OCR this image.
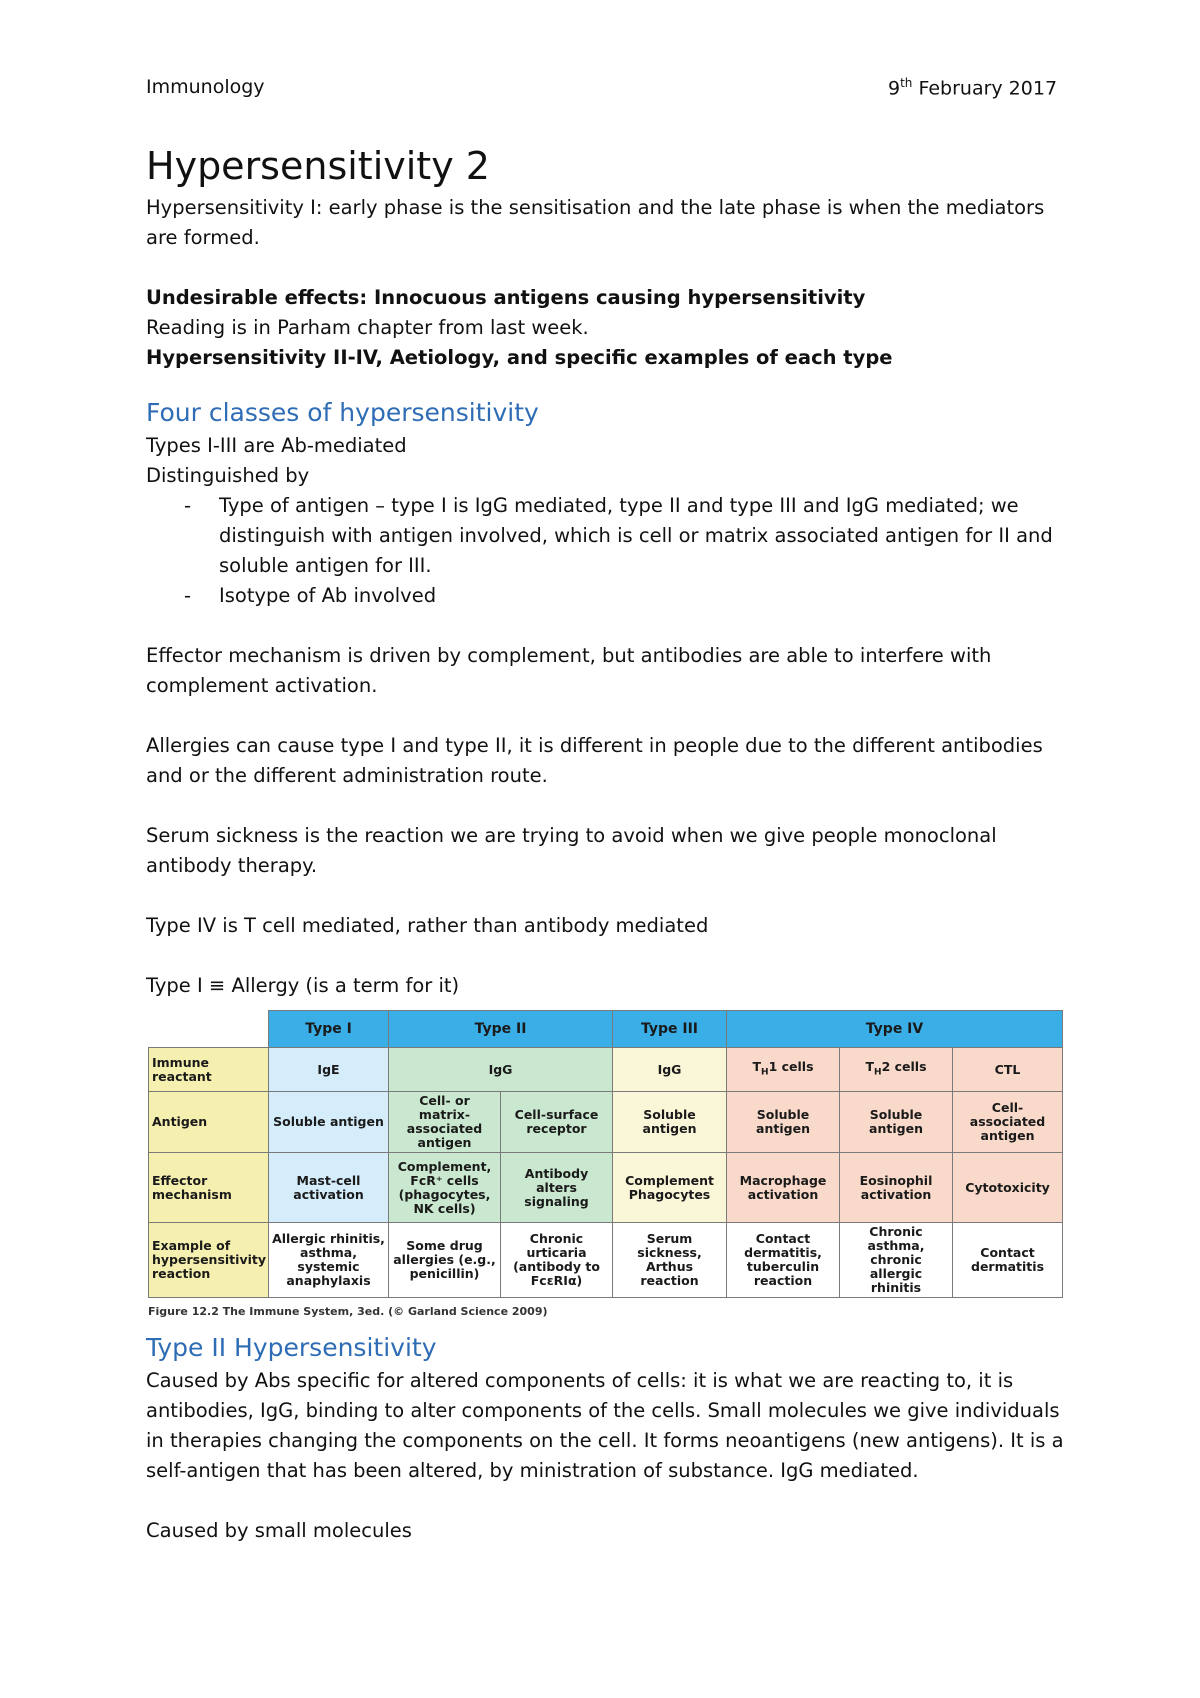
Immunology	9th February 2017
Hypersensitivity 2

Hypersensitivity I: early phase is the sensitisation and the late phase is when the mediators are formed.

Undesirable effects: Innocuous antigens causing hypersensitivity

Reading is in Parham chapter from last week.

Hypersensitivity II-IV, Aetiology, and specific examples of each type

Four classes of hypersensitivity

Types I-III are Ab-mediated

Distinguished by

- Type of antigen – type I is IgG mediated, type II and type III and IgG mediated; we distinguish with antigen involved, which is cell or matrix associated antigen for II and soluble antigen for III.
- Isotype of Ab involved

Effector mechanism is driven by complement, but antibodies are able to interfere with complement activation.

Allergies can cause type I and type II, it is different in people due to the different antibodies and or the different administration route.

Serum sickness is the reaction we are trying to avoid when we give people monoclonal antibody therapy.

Type IV is T cell mediated, rather than antibody mediated

Type I ≡ Allergy (is a term for it)

	Type I	Type II		Type III	Type IV		
Immune reactant	IgE	IgG		IgG	$T_H1$ cells	$T_H2$ cells	CTL
Antigen	Soluble antigen	Cell- or matrix-associated antigen	Cell-surface receptor	Soluble antigen	Soluble antigen	Soluble antigen	Cell-associated antigen
Effector mechanism	Mast-cell activation	Complement, FcR⁺ cells (phagocytes, NK cells)	Antibody alters signaling	Complement Phagocytes	Macrophage activation	Eosinophil activation	Cytotoxicity
Example of hypersensitivity reaction	Allergic rhinitis, asthma, systemic anaphylaxis	Some drug allergies (e.g., penicillin)	Chronic urticaria (antibody to FcεRIα)	Serum sickness, Arthus reaction	Contact dermatitis, tuberculin reaction	Chronic asthma, chronic allergic rhinitis	Contact dermatitis
Figure 12.2 The Immune System, 3ed. (© Garland Science 2009)
Type II Hypersensitivity

Caused by Abs specific for altered components of cells: it is what we are reacting to, it is antibodies, IgG, binding to alter components of the cells. Small molecules we give individuals in therapies changing the components on the cell. It forms neoantigens (new antigens). It is a self-antigen that has been altered, by ministration of substance. IgG mediated.

Caused by small molecules
